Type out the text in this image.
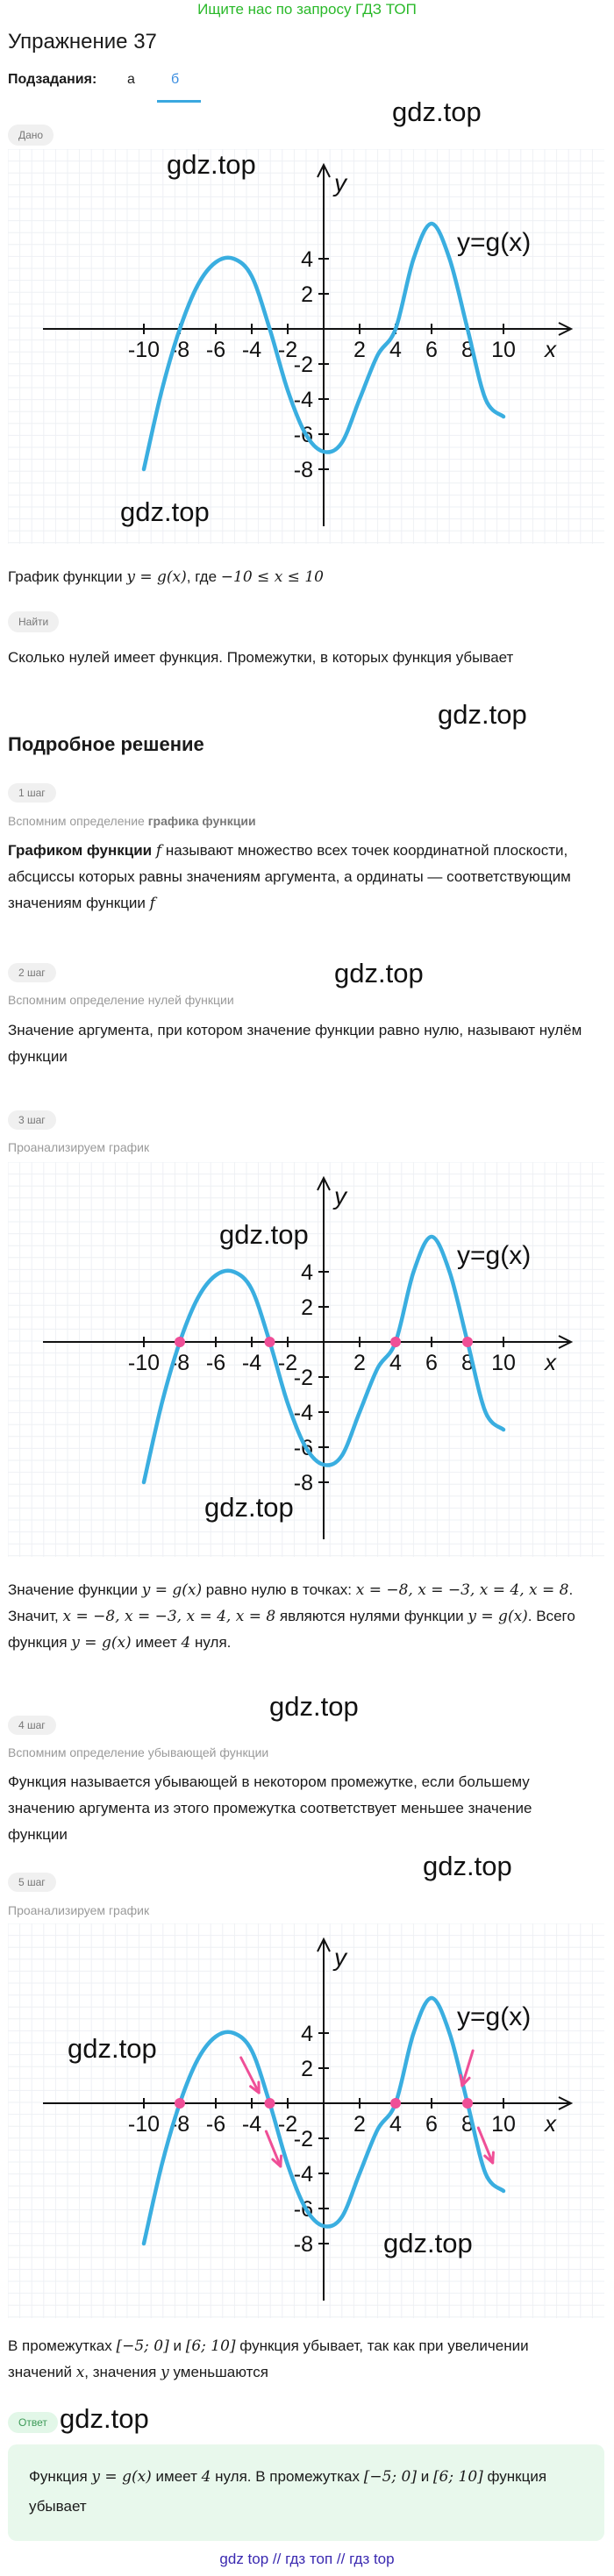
Ищите нас по запросу ГДЗ ТОП
Упражнение 37
Подзадания: а	б
Дано
-10 -8 -6 -4 -2	2 4 6 8 10
4
2
-2
-4
-6
-8
x
y
y=g(x)
График функции y = g(x), где −10 ≤ x ≤ 10
Найти
Сколько нулей имеет функция. Промежутки, в которых функция убывает
Подробное решение
1 шаг
Вспомним определение графика функции
Графиком функции f называют множество всех точек координатной плоскости, абсциссы которых равны значениям аргумента, а ординаты — соответствующим значениям функции f
2 шаг
Вспомним определение нулей функции
Значение аргумента, при котором значение функции равно нулю, называют нулём функции
3 шаг
Проанализируем график
-10 -8 -6 -4 -2	2 4 6 8 10
4
2
-2
-4
-6
-8
x
y
y=g(x)
Значение функции y = g(x) равно нулю в точках: x = −8, x = −3, x = 4, x = 8. Значит, x = −8, x = −3, x = 4, x = 8 являются нулями функции y = g(x). Всего функция y = g(x) имеет 4 нуля.
4 шаг
Вспомним определение убывающей функции
Функция называется убывающей в некотором промежутке, если большему значению аргумента из этого промежутка соответствует меньшее значение функции
5 шаг
Проанализируем график
-10 -8 -6 -4 -2	2 4 6 8 10
4
2
-2
-4
-6
-8
x
y
y=g(x)
В промежутках [−5; 0] и [6; 10] функция убывает, так как при увеличении значений x, значения y уменьшаются
Ответ
Функция y = g(x) имеет 4 нуля. В промежутках [−5; 0] и [6; 10] функция убывает
gdz.top
gdz.top
gdz.top
gdz.top
gdz.top
gdz.top
gdz.top
gdz.top
gdz.top
gdz.top
gdz.top
gdz.top
gdz top // гдз топ // гдз top
